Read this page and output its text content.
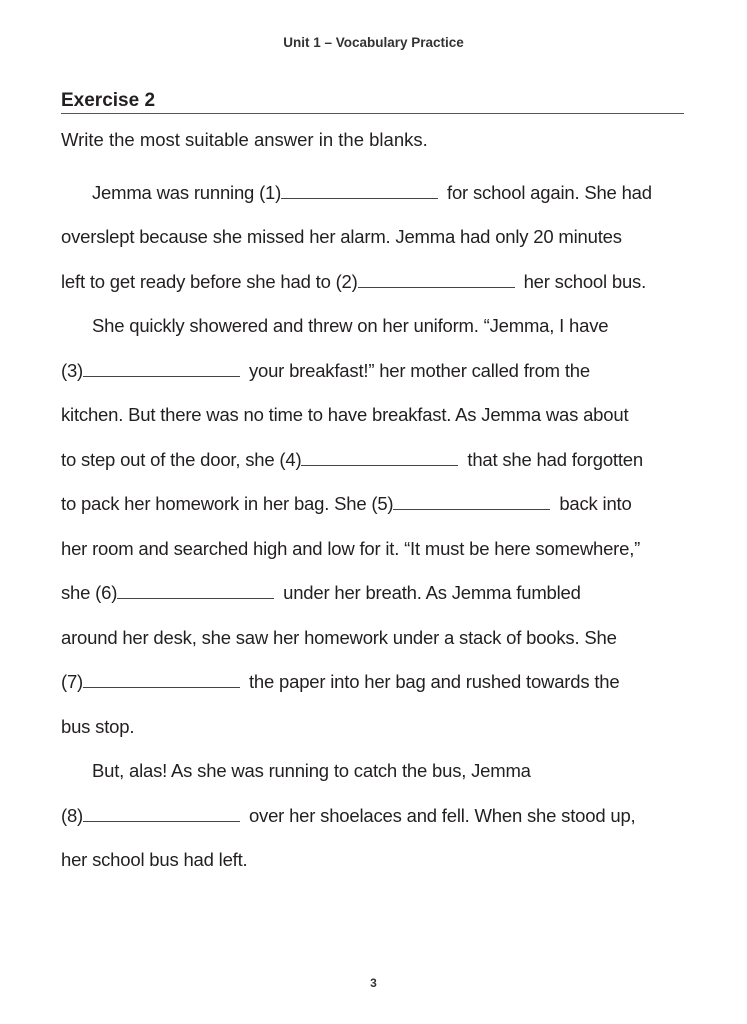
Unit 1 – Vocabulary Practice
Exercise 2
Write the most suitable answer in the blanks.
Jemma was running (1)	for school again. She had
overslept because she missed her alarm. Jemma had only 20 minutes
left to get ready before she had to (2)	her school bus.
She quickly showered and threw on her uniform. “Jemma, I have
(3)	your breakfast!” her mother called from the
kitchen. But there was no time to have breakfast. As Jemma was about
to step out of the door, she (4)	that she had forgotten
to pack her homework in her bag. She (5)	back into
her room and searched high and low for it. “It must be here somewhere,”
she (6)	under her breath. As Jemma fumbled
around her desk, she saw her homework under a stack of books. She
(7)	the paper into her bag and rushed towards the
bus stop.
But, alas! As she was running to catch the bus, Jemma
(8)	over her shoelaces and fell. When she stood up,
her school bus had left.
3
